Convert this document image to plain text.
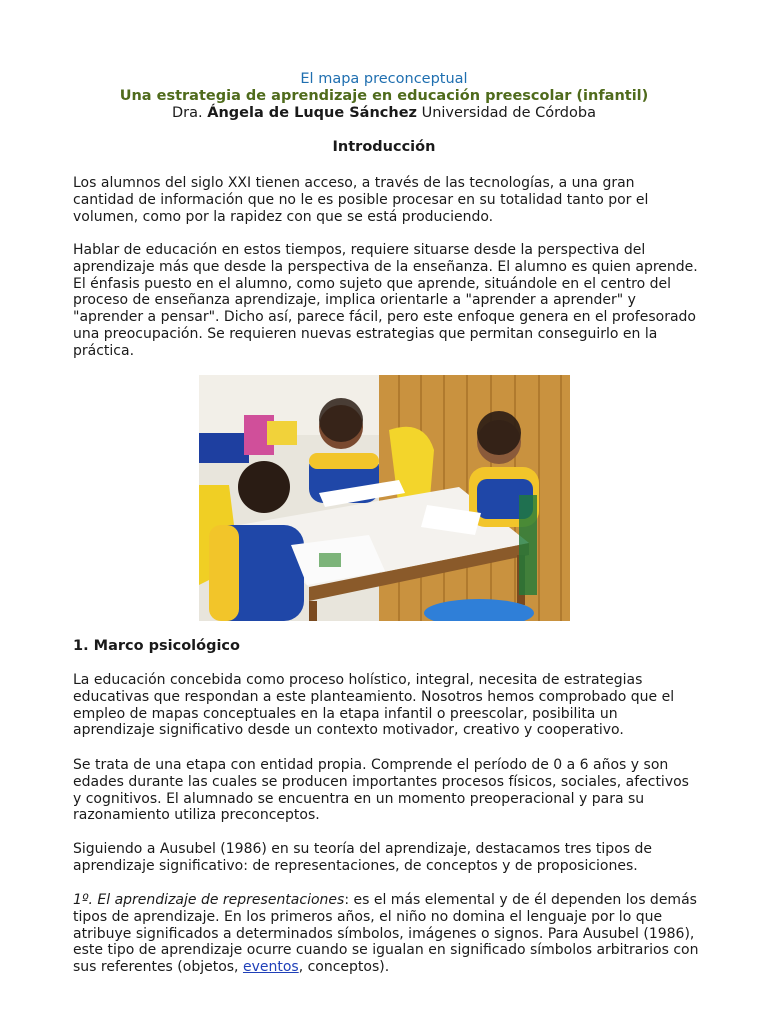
El mapa preconceptual
Una estrategia de aprendizaje en educación preescolar (infantil)
Dra. Ángela de Luque Sánchez Universidad de Córdoba
Introducción
Los alumnos del siglo XXI tienen acceso, a través de las tecnologías, a una gran cantidad de información que no le es posible procesar en su totalidad tanto por el volumen, como por la rapidez con que se está produciendo.
Hablar de educación en estos tiempos, requiere situarse desde la perspectiva del aprendizaje más que desde la perspectiva de la enseñanza. El alumno es quien aprende. El énfasis puesto en el alumno, como sujeto que aprende, situándole en el centro del proceso de enseñanza aprendizaje, implica orientarle a "aprender a aprender" y "aprender a pensar". Dicho así, parece fácil, pero este enfoque genera en el profesorado una preocupación. Se requieren nuevas estrategias que permitan conseguirlo en la práctica.
1. Marco psicológico
La educación concebida como proceso holístico, integral, necesita de estrategias educativas que respondan a este planteamiento. Nosotros hemos comprobado que el empleo de mapas conceptuales en la etapa infantil o preescolar, posibilita un aprendizaje significativo desde un contexto motivador, creativo y cooperativo.
Se trata de una etapa con entidad propia. Comprende el período de 0 a 6 años y son edades durante las cuales se producen importantes procesos físicos, sociales, afectivos y cognitivos. El alumnado se encuentra en un momento preoperacional y para su razonamiento utiliza preconceptos.
Siguiendo a Ausubel (1986) en su teoría del aprendizaje, destacamos tres tipos de aprendizaje significativo: de representaciones, de conceptos y de proposiciones.
1º. El aprendizaje de representaciones: es el más elemental y de él dependen los demás tipos de aprendizaje. En los primeros años, el niño no domina el lenguaje por lo que atribuye significados a determinados símbolos, imágenes o signos. Para Ausubel (1986), este tipo de aprendizaje ocurre cuando se igualan en significado símbolos arbitrarios con sus referentes (objetos, eventos, conceptos).
